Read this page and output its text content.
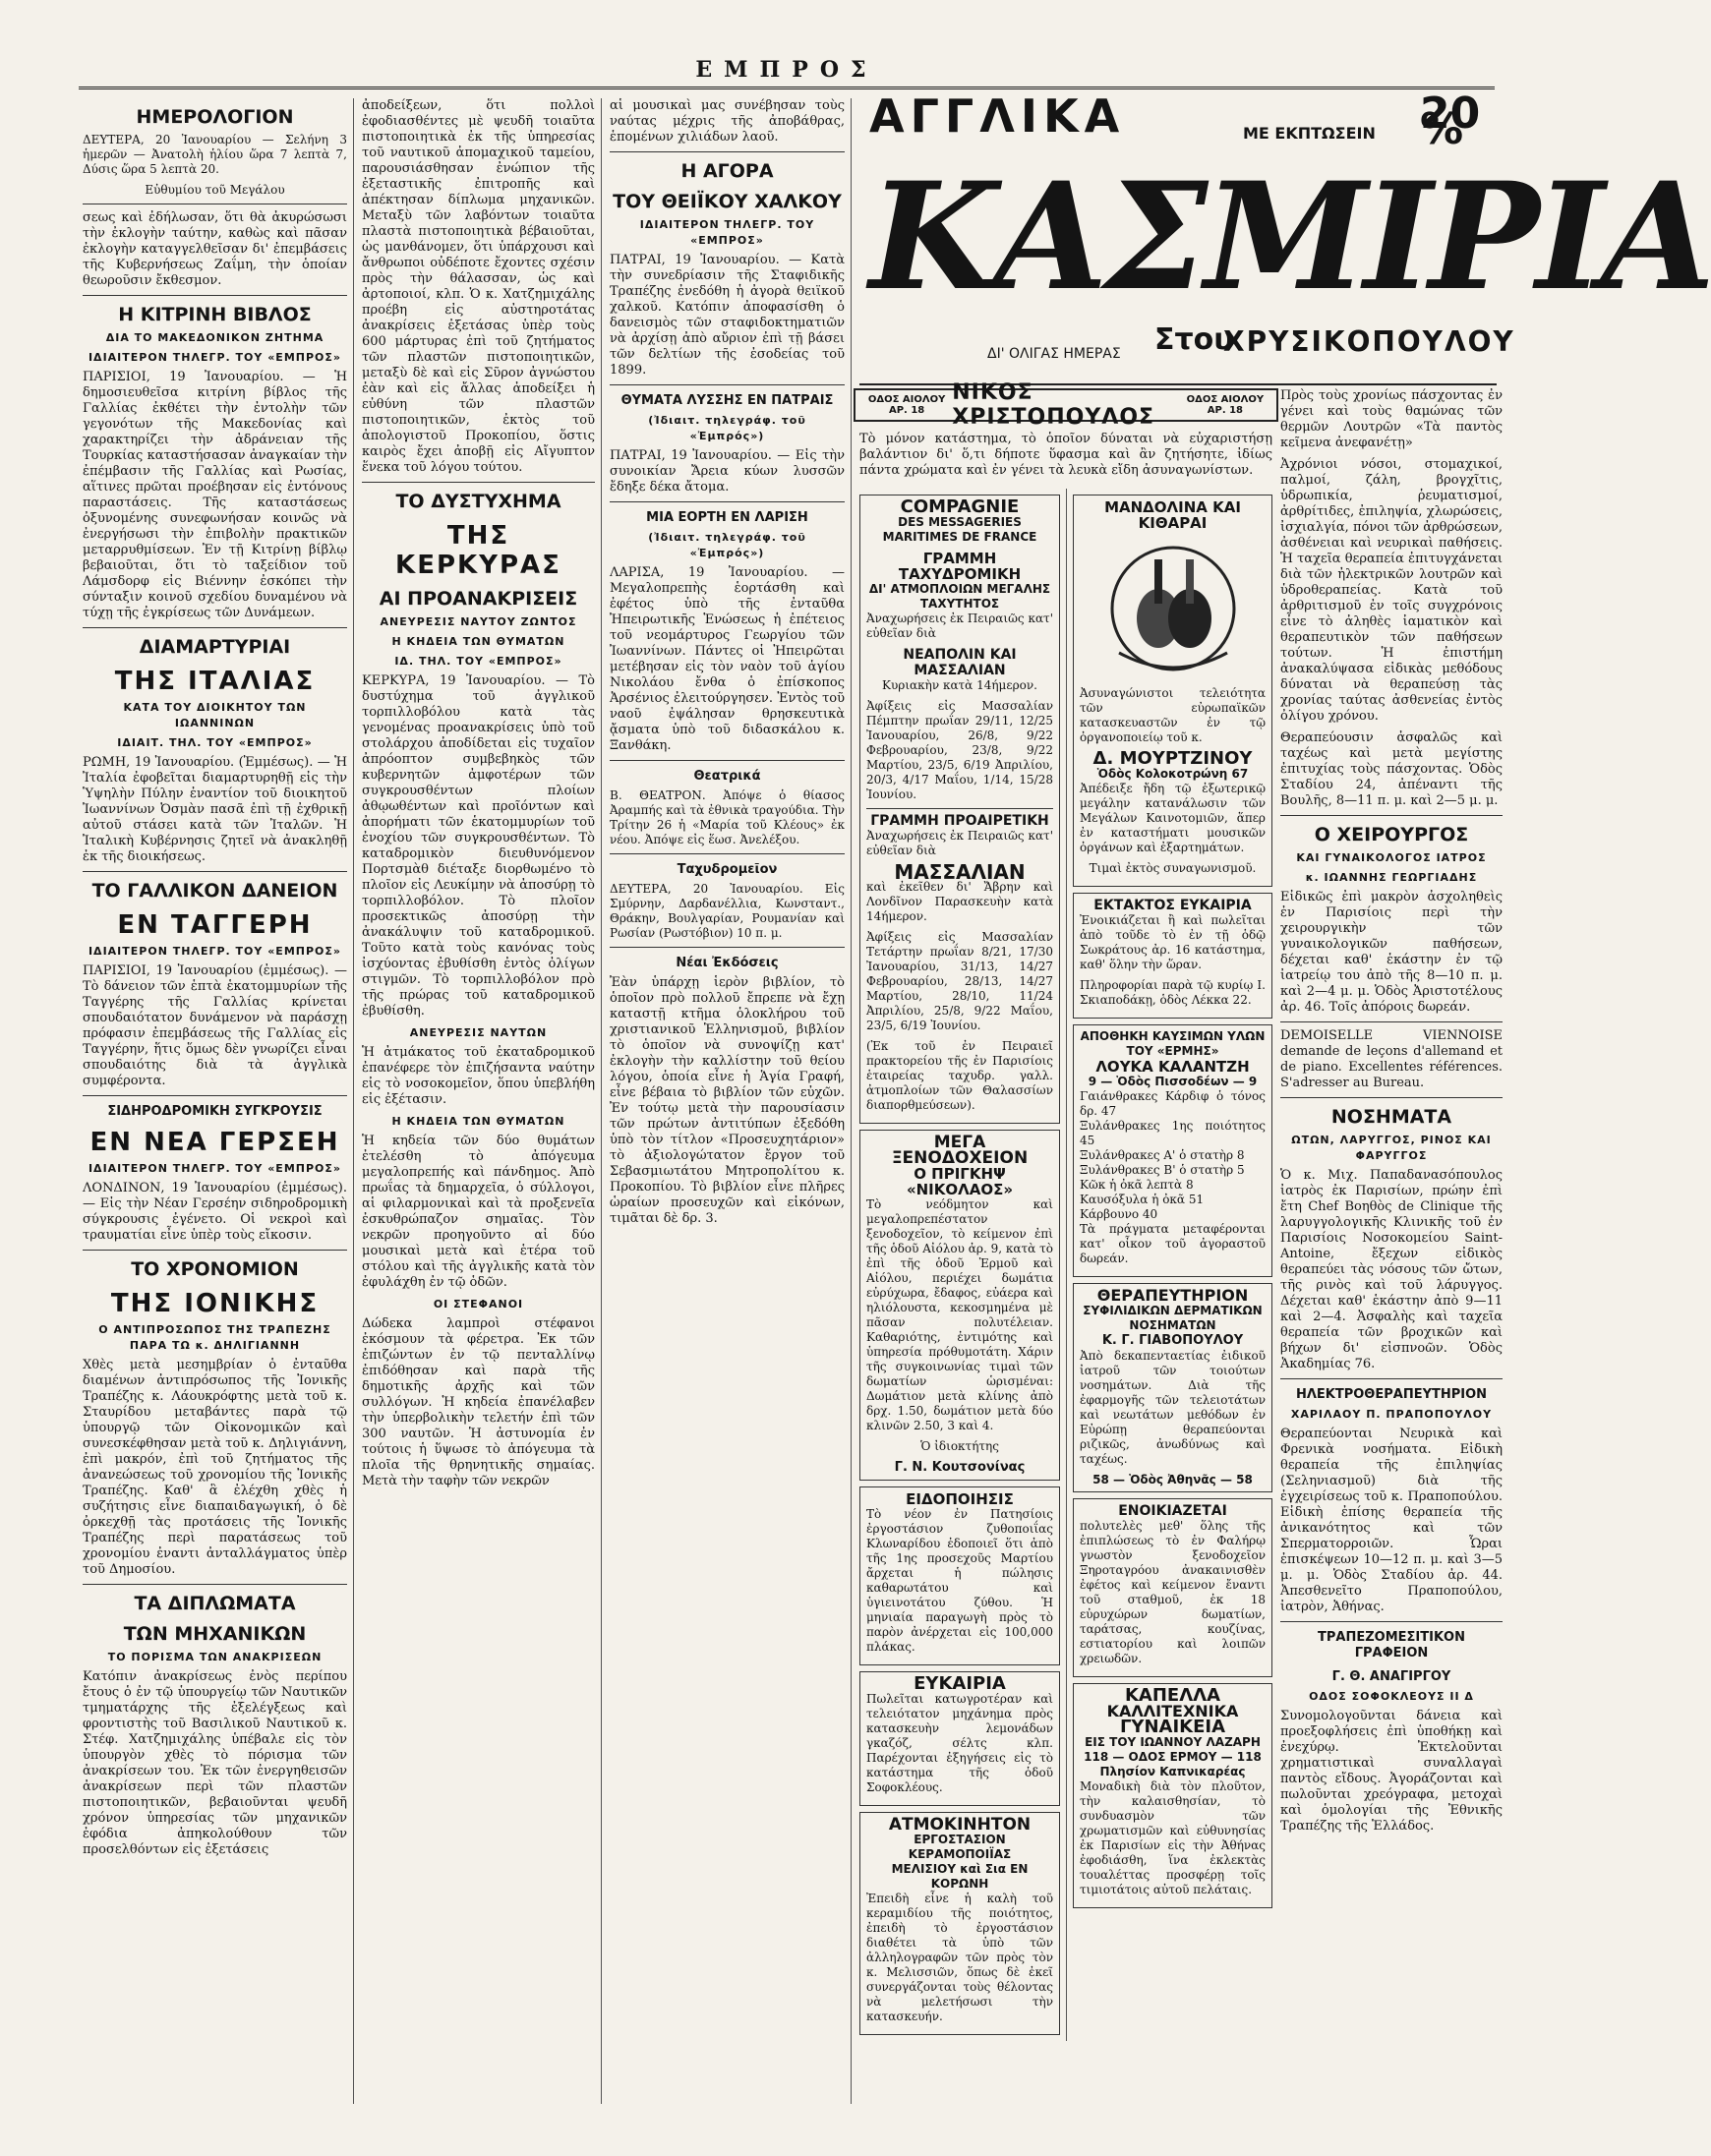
ΕΜΠΡΟΣ
ΗΜΕΡΟΛΟΓΙΟΝ

ΔΕΥΤΕΡΑ, 20 Ἰανουαρίου — Σελήνη 3 ἡμερῶν — Ἀνατολὴ ἡλίου ὥρα 7 λεπτὰ 7, Δύσις ὥρα 5 λεπτὰ 20.

Εὐθυμίου τοῦ Μεγάλου

σεως καὶ ἐδήλωσαν, ὅτι θὰ ἀκυρώσωσι τὴν ἐκλογὴν ταύτην, καθὼς καὶ πᾶσαν ἐκλογὴν καταγγελθεῖσαν δι' ἐπεμβάσεις τῆς Κυβερνήσεως Ζαΐμη, τὴν ὁποίαν θεωροῦσιν ἔκθεσμον.

Η ΚΙΤΡΙΝΗ ΒΙΒΛΟΣ
ΔΙΑ ΤΟ ΜΑΚΕΔΟΝΙΚΟΝ ΖΗΤΗΜΑ
ΙΔΙΑΙΤΕΡΟΝ ΤΗΛΕΓΡ. ΤΟΥ «ΕΜΠΡΟΣ»

ΠΑΡΙΣΙΟΙ, 19 Ἰανουαρίου. — Ἡ δημοσιευθεῖσα κιτρίνη βίβλος τῆς Γαλλίας ἐκθέτει τὴν ἐντολὴν τῶν γεγονότων τῆς Μακεδονίας καὶ χαρακτηρίζει τὴν ἀδράνειαν τῆς Τουρκίας καταστήσασαν ἀναγκαίαν τὴν ἐπέμβασιν τῆς Γαλλίας καὶ Ρωσίας, αἵτινες πρῶται προέβησαν εἰς ἐντόνους παραστάσεις. Τῆς καταστάσεως ὀξυνομένης συνεφωνήσαν κοινῶς νὰ ἐνεργήσωσι τὴν ἐπιβολὴν πρακτικῶν μεταρρυθμίσεων. Ἐν τῇ Κιτρίνῃ βίβλῳ βεβαιοῦται, ὅτι τὸ ταξείδιον τοῦ Λάμσδορφ εἰς Βιέννην ἐσκόπει τὴν σύνταξιν κοινοῦ σχεδίου δυναμένου νὰ τύχῃ τῆς ἐγκρίσεως τῶν Δυνάμεων.

ΔΙΑΜΑΡΤΥΡΙΑΙ
ΤΗΣ ΙΤΑΛΙΑΣ
ΚΑΤΑ ΤΟΥ ΔΙΟΙΚΗΤΟΥ ΤΩΝ ΙΩΑΝΝΙΝΩΝ
ΙΔΙΑΙΤ. ΤΗΛ. ΤΟΥ «ΕΜΠΡΟΣ»

ΡΩΜΗ, 19 Ἰανουαρίου. (Ἐμμέσως). — Ἡ Ἰταλία ἐφοβεῖται διαμαρτυρηθῇ εἰς τὴν Ὑψηλὴν Πύλην ἐναντίον τοῦ διοικητοῦ Ἰωαννίνων Ὀσμὰν πασᾶ ἐπὶ τῇ ἐχθρικῇ αὐτοῦ στάσει κατὰ τῶν Ἰταλῶν. Ἡ Ἰταλικὴ Κυβέρνησις ζητεῖ νὰ ἀνακληθῇ ἐκ τῆς διοικήσεως.

ΤΟ ΓΑΛΛΙΚΟΝ ΔΑΝΕΙΟΝ
ΕΝ ΤΑΓΓΕΡΗ
ΙΔΙΑΙΤΕΡΟΝ ΤΗΛΕΓΡ. ΤΟΥ «ΕΜΠΡΟΣ»

ΠΑΡΙΣΙΟΙ, 19 Ἰανουαρίου (ἐμμέσως). — Τὸ δάνειον τῶν ἑπτὰ ἑκατομμυρίων τῆς Ταγγέρης τῆς Γαλλίας κρίνεται σπουδαιότατον δυνάμενον νὰ παράσχῃ πρόφασιν ἐπεμβάσεως τῆς Γαλλίας εἰς Ταγγέρην, ἥτις ὅμως δὲν γνωρίζει εἶναι σπουδαιότης διὰ τὰ ἀγγλικὰ συμφέροντα.

ΣΙΔΗΡΟΔΡΟΜΙΚΗ ΣΥΓΚΡΟΥΣΙΣ
ΕΝ ΝΕΑ ΓΕΡΣΕΗ
ΙΔΙΑΙΤΕΡΟΝ ΤΗΛΕΓΡ. ΤΟΥ «ΕΜΠΡΟΣ»

ΛΟΝΔΙΝΟΝ, 19 Ἰανουαρίου (ἐμμέσως). — Εἰς τὴν Νέαν Γερσέην σιδηροδρομικὴ σύγκρουσις ἐγένετο. Οἱ νεκροὶ καὶ τραυματίαι εἶνε ὑπὲρ τοὺς εἴκοσιν.

ΤΟ ΧΡΟΝΟΜΙΟΝ
ΤΗΣ ΙΟΝΙΚΗΣ
Ο ΑΝΤΙΠΡΟΣΩΠΟΣ ΤΗΣ ΤΡΑΠΕΖΗΣ ΠΑΡΑ ΤΩ κ. ΔΗΛΙΓΙΑΝΝΗ

Χθὲς μετὰ μεσημβρίαν ὁ ἐνταῦθα διαμένων ἀντιπρόσωπος τῆς Ἰονικῆς Τραπέζης κ. Λάουκρόφτης μετὰ τοῦ κ. Σταυρίδου μεταβάντες παρὰ τῷ ὑπουργῷ τῶν Οἰκονομικῶν καὶ συνεσκέφθησαν μετὰ τοῦ κ. Δηλιγιάννη, ἐπὶ μακρόν, ἐπὶ τοῦ ζητήματος τῆς ἀνανεώσεως τοῦ χρονομίου τῆς Ἰονικῆς Τραπέζης. Καθ' ἃ ἐλέχθη χθὲς ἡ συζήτησις εἶνε διαπαιδαγωγική, ὁ δὲ ὀρκεχθῇ τὰς προτάσεις τῆς Ἰονικῆς Τραπέζης περὶ παρατάσεως τοῦ χρονομίου ἐναντι ἀνταλλάγματος ὑπὲρ τοῦ Δημοσίου.

ΤΑ ΔΙΠΛΩΜΑΤΑ
ΤΩΝ ΜΗΧΑΝΙΚΩΝ
ΤΟ ΠΟΡΙΣΜΑ ΤΩΝ ΑΝΑΚΡΙΣΕΩΝ

Κατόπιν ἀνακρίσεως ἐνὸς περίπου ἔτους ὁ ἐν τῷ ὑπουργείῳ τῶν Ναυτικῶν τμηματάρχης τῆς ἐξελέγξεως καὶ φροντιστὴς τοῦ Βασιλικοῦ Ναυτικοῦ κ. Στέφ. Χατζημιχάλης ὑπέβαλε εἰς τὸν ὑπουργὸν χθὲς τὸ πόρισμα τῶν ἀνακρίσεων του. Ἐκ τῶν ἐνεργηθεισῶν ἀνακρίσεων περὶ τῶν πλαστῶν πιστοποιητικῶν, βεβαιοῦνται ψευδῆ χρόνον ὑπηρεσίας τῶν μηχανικῶν ἐφόδια ἀπηκολούθουν τῶν προσελθόντων εἰς ἐξετάσεις

ἀποδείξεων, ὅτι πολλοὶ ἐφοδιασθέντες μὲ ψευδῆ τοιαῦτα πιστοποιητικὰ ἐκ τῆς ὑπηρεσίας τοῦ ναυτικοῦ ἀπομαχικοῦ ταμείου, παρουσιάσθησαν ἐνώπιον τῆς ἐξεταστικῆς ἐπιτροπῆς καὶ ἀπέκτησαν δίπλωμα μηχανικῶν. Μεταξὺ τῶν λαβόντων τοιαῦτα πλαστὰ πιστοποιητικὰ βέβαιοῦται, ὡς μανθάνομεν, ὅτι ὑπάρχουσι καὶ ἄνθρωποι οὐδέποτε ἔχοντες σχέσιν πρὸς τὴν θάλασσαν, ὡς καὶ ἀρτοποιοί, κλπ. Ὁ κ. Χατζημιχάλης προέβη εἰς αὐστηροτάτας ἀνακρίσεις ἐξετάσας ὑπὲρ τοὺς 600 μάρτυρας ἐπὶ τοῦ ζητήματος τῶν πλαστῶν πιστοποιητικῶν, μεταξὺ δὲ καὶ εἰς Σῦρον ἀγνώστου ἐὰν καὶ εἰς ἄλλας ἀποδείξει ἡ εὐθύνη τῶν πλαστῶν πιστοποιητικῶν, ἐκτὸς τοῦ ἀπολογιστοῦ Προκοπίου, ὅστις καιρὸς ἔχει ἀποβῇ εἰς Αἴγυπτον ἕνεκα τοῦ λόγου τούτου.

ΤΟ ΔΥΣΤΥΧΗΜΑ
ΤΗΣ ΚΕΡΚΥΡΑΣ
ΑΙ ΠΡΟΑΝΑΚΡΙΣΕΙΣ
ΑΝΕΥΡΕΣΙΣ ΝΑΥΤΟΥ ΖΩΝΤΟΣ
Η ΚΗΔΕΙΑ ΤΩΝ ΘΥΜΑΤΩΝ
ΙΔ. ΤΗΛ. ΤΟΥ «ΕΜΠΡΟΣ»

ΚΕΡΚΥΡΑ, 19 Ἰανουαρίου. — Τὸ δυστύχημα τοῦ ἀγγλικοῦ τορπιλλοβόλου κατὰ τὰς γενομένας προανακρίσεις ὑπὸ τοῦ στολάρχου ἀποδίδεται εἰς τυχαῖον ἀπρόοπτον συμβεβηκὸς τῶν κυβερνητῶν ἀμφοτέρων τῶν συγκρουσθέντων πλοίων ἀθῳωθέντων καὶ προῖόντων καὶ ἀπορήματι τῶν ἑκατομμυρίων τοῦ ἐνοχίου τῶν συγκρουσθέντων. Τὸ καταδρομικὸν διευθυνόμενον Πορτσμὰθ διέταξε διορθωμένο τὸ πλοῖον εἰς Λευκίμην νὰ ἀποσύρῃ τὸ τορπιλλοβόλον. Τὸ πλοῖον προσεκτικῶς ἀποσύρῃ τὴν ἀνακάλυψιν τοῦ καταδρομικοῦ. Τοῦτο κατὰ τοὺς κανόνας τοὺς ἰσχύοντας ἐβυθίσθη ἐντὸς ὀλίγων στιγμῶν. Τὸ τορπιλλοβόλον πρὸ τῆς πρώρας τοῦ καταδρομικοῦ ἐβυθίσθη.

ΑΝΕΥΡΕΣΙΣ ΝΑΥΤΩΝ

Ἡ ἀτμάκατος τοῦ ἐκαταδρομικοῦ ἐπανέφερε τὸν ἐπιζήσαντα ναύτην εἰς τὸ νοσοκομεῖον, ὅπου ὑπεβλήθη εἰς ἐξέτασιν.

Η ΚΗΔΕΙΑ ΤΩΝ ΘΥΜΑΤΩΝ

Ἡ κηδεία τῶν δύο θυμάτων ἐτελέσθη τὸ ἀπόγευμα μεγαλοπρεπής καὶ πάνδημος. Ἀπὸ πρωΐας τὰ δημαρχεῖα, ὁ σύλλογοι, αἱ φιλαρμονικαὶ καὶ τὰ προξενεῖα ἐσκυθρώπαζον σημαῖας. Τὸν νεκρῶν προηγοῦντο αἱ δύο μουσικαὶ μετὰ καὶ ἑτέρα τοῦ στόλου καὶ τῆς ἀγγλικῆς κατὰ τὸν ἐφυλάχθη ἐν τῷ ὁδῶν.

ΟΙ ΣΤΕΦΑΝΟΙ

Δώδεκα λαμπροὶ στέφανοι ἐκόσμουν τὰ φέρετρα. Ἐκ τῶν ἐπιζώντων ἐν τῷ πενταλλίνῳ ἐπιδόθησαν καὶ παρὰ τῆς δημοτικῆς ἀρχῆς καὶ τῶν συλλόγων. Ἡ κηδεία ἐπανέλαβεν τὴν ὑπερβολικὴν τελετήν ἐπὶ τῶν 300 ναυτῶν. Ἡ ἀστυνομία ἐν τούτοις ἡ ὕψωσε τὸ ἀπόγευμα τὰ πλοῖα τῆς θρηνητικῆς σημαίας. Μετὰ τὴν ταφὴν τῶν νεκρῶν

αἱ μουσικαὶ μας συνέβησαν τοὺς ναύτας μέχρις τῆς ἀποβάθρας, ἑπομένων χιλιάδων λαοῦ.

Η ΑΓΟΡΑ
ΤΟΥ ΘΕΙΪΚΟΥ ΧΑΛΚΟΥ
ΙΔΙΑΙΤΕΡΟΝ ΤΗΛΕΓΡ. ΤΟΥ «ΕΜΠΡΟΣ»

ΠΑΤΡΑΙ, 19 Ἰανουαρίου. — Κατὰ τὴν συνεδρίασιν τῆς Σταφιδικῆς Τραπέζης ἐνεδόθη ἡ ἀγορὰ θειϊκοῦ χαλκοῦ. Κατόπιν ἀποφασίσθη ὁ δανεισμὸς τῶν σταφιδοκτηματιῶν νὰ ἀρχίσῃ ἀπὸ αὔριον ἐπὶ τῇ βάσει τῶν δελτίων τῆς ἐσοδείας τοῦ 1899.

ΘΥΜΑΤΑ ΛΥΣΣΗΣ ΕΝ ΠΑΤΡΑΙΣ
(Ἰδιαιτ. τηλεγράφ. τοῦ «Ἐμπρός»)

ΠΑΤΡΑΙ, 19 Ἰανουαρίου. — Εἰς τὴν συνοικίαν Ἄρεια κύων λυσσῶν ἔδηξε δέκα ἄτομα.

ΜΙΑ ΕΟΡΤΗ ΕΝ ΛΑΡΙΣΗ
(Ἰδιαιτ. τηλεγράφ. τοῦ «Ἐμπρός»)

ΛΑΡΙΣΑ, 19 Ἰανουαρίου. — Μεγαλοπρεπὴς ἑορτάσθη καὶ ἐφέτος ὑπὸ τῆς ἐνταῦθα Ἠπειρωτικῆς Ἑνώσεως ἡ ἐπέτειος τοῦ νεομάρτυρος Γεωργίου τῶν Ἰωαννίνων. Πάντες οἱ Ἠπειρῶται μετέβησαν εἰς τὸν ναὸν τοῦ ἁγίου Νικολάου ἔνθα ὁ ἐπίσκοπος Ἀρσένιος ἐλειτούργησεν. Ἐντὸς τοῦ ναοῦ ἐψάλησαν θρησκευτικὰ ᾄσματα ὑπὸ τοῦ διδασκάλου κ. Ξανθάκη.

Θεατρικά

Β. ΘΕΑΤΡΟΝ. Ἀπόψε ὁ θίασος Ἀραμπής καὶ τὰ ἐθνικὰ τραγούδια. Τὴν Τρίτην 26 ἡ «Μαρία τοῦ Κλέους» ἐκ νέου. Ἀπόψε εἰς ἕωσ. Ἀνελέξου.

Ταχυδρομεῖον

ΔΕΥΤΕΡΑ, 20 Ἰανουαρίου. Εἰς Σμύρνην, Δαρδανέλλια, Κωνσταντ., Θράκην, Βουλγαρίαν, Ρουμανίαν καὶ Ρωσίαν (Ρωστόβιον) 10 π. μ.

Νέαι Ἐκδόσεις

Ἐὰν ὑπάρχῃ ἱερὸν βιβλίον, τὸ ὁποῖον πρὸ πολλοῦ ἔπρεπε νὰ ἔχῃ καταστῇ κτῆμα ὁλοκλήρου τοῦ χριστιανικοῦ Ἑλληνισμοῦ, βιβλίον τὸ ὁποῖον νὰ συνοψίζῃ κατ' ἐκλογὴν τὴν καλλίστην τοῦ θείου λόγου, ὁποία εἶνε ἡ Ἁγία Γραφή, εἶνε βέβαια τὸ βιβλίον τῶν εὐχῶν. Ἐν τούτῳ μετὰ τὴν παρουσίασιν τῶν πρώτων ἀντιτύπων ἐξεδόθη ὑπὸ τὸν τίτλον «Προσευχητάριον» τὸ ἀξιολογώτατον ἔργον τοῦ Σεβασμιωτάτου Μητροπολίτου κ. Προκοπίου. Τὸ βιβλίον εἶνε πλῆρες ὡραίων προσευχῶν καὶ εἰκόνων, τιμᾶται δὲ δρ. 3.

ΑΓΓΛΙΚΑ	ΜΕ ΕΚΠΤΩΣΕΙΝ 20 %
ΚΑΣΜΙΡΙΑ
ΔΙ' ΟΛΙΓΑΣ ΗΜΕΡΑΣ Στου
ΧΡΥΣΙΚΟΠΟΥΛΟΥ
ΟΔΟΣ ΑΙΟΛΟΥ ΑΡ. 18
ΝΙΚΟΣ ΧΡΙΣΤΟΠΟΥΛΟΣ
ΟΔΟΣ ΑΙΟΛΟΥ ΑΡ. 18

Τὸ μόνον κατάστημα, τὸ ὁποῖον δύναται νὰ εὐχαριστήσῃ βαλάντιον δι' ὅ,τι δήποτε ὕφασμα καὶ ἂν ζητήσητε, ἰδίως πάντα χρώματα καὶ ἐν γένει τὰ λευκὰ εἴδη ἀσυναγωνίστων.

COMPAGNIE
DES MESSAGERIES MARITIMES DE FRANCE
ΓΡΑΜΜΗ ΤΑΧΥΔΡΟΜΙΚΗ
ΔΙ' ΑΤΜΟΠΛΟΙΩΝ ΜΕΓΑΛΗΣ ΤΑΧΥΤΗΤΟΣ

Ἀναχωρήσεις ἐκ Πειραιῶς κατ' εὐθεῖαν διὰ

ΝΕΑΠΟΛΙΝ ΚΑΙ ΜΑΣΣΑΛΙΑΝ

Κυριακὴν κατὰ 14ήμερον.

Ἀφίξεις εἰς Μασσαλίαν Πέμπτην πρωΐαν 29/11, 12/25 Ἰανουαρίου, 26/8, 9/22 Φεβρουαρίου, 23/8, 9/22 Μαρτίου, 23/5, 6/19 Ἀπριλίου, 20/3, 4/17 Μαΐου, 1/14, 15/28 Ἰουνίου.

ΓΡΑΜΜΗ ΠΡΟΑΙΡΕΤΙΚΗ

Ἀναχωρήσεις ἐκ Πειραιῶς κατ' εὐθεῖαν διὰ

ΜΑΣΣΑΛΙΑΝ

καὶ ἐκεῖθεν δι' Ἄβρην καὶ Λονδῖνον Παρασκευὴν κατὰ 14ήμερον.

Ἀφίξεις εἰς Μασσαλίαν Τετάρτην πρωΐαν 8/21, 17/30 Ἰανουαρίου, 31/13, 14/27 Φεβρουαρίου, 28/13, 14/27 Μαρτίου, 28/10, 11/24 Ἀπριλίου, 25/8, 9/22 Μαΐου, 23/5, 6/19 Ἰουνίου.

(Ἐκ τοῦ ἐν Πειραιεῖ πρακτορείου τῆς ἐν Παρισίοις ἑταιρείας ταχυδρ. γαλλ. ἀτμοπλοίων τῶν Θαλασσίων διαπορθμεύσεων).

ΜΕΓΑ ΞΕΝΟΔΟΧΕΙΟΝ
Ο ΠΡΙΓΚΗΨ «ΝΙΚΟΛΑΟΣ»

Τὸ νεόδμητον καὶ μεγαλοπρεπέστατον ξενοδοχεῖον, τὸ κείμενον ἐπὶ τῆς ὁδοῦ Αἰόλου ἀρ. 9, κατὰ τὸ ἐπὶ τῆς ὁδοῦ Ἑρμοῦ καὶ Αἰόλου, περιέχει δωμάτια εὐρύχωρα, ἔδαφος, εὐάερα καὶ ηλιόλουστα, κεκοσμημένα μὲ πᾶσαν πολυτέλειαν. Καθαριότης, ἐντιμότης καὶ ὑπηρεσία πρόθυμοτάτη. Χάριν τῆς συγκοινωνίας τιμαὶ τῶν δωματίων ὡρισμέναι: Δωμάτιον μετὰ κλίνης ἀπὸ δρχ. 1.50, δωμάτιον μετὰ δύο κλινῶν 2.50, 3 καὶ 4.

Ὁ ἰδιοκτήτης

Γ. Ν. Κουτσονίνας
ΕΙΔΟΠΟΙΗΣΙΣ

Τὸ νέον ἐν Πατησίοις ἐργοστάσιον ζυθοποιΐας Κλωναρίδου ἐδοποιεῖ ὅτι ἀπὸ τῆς 1ης προσεχοῦς Μαρτίου ἄρχεται ἡ πώλησις καθαρωτάτου καὶ ὑγιεινοτάτου ζύθου. Ἡ μηνιαία παραγωγὴ πρὸς τὸ παρὸν ἀνέρχεται εἰς 100,000 πλάκας.

ΕΥΚΑΙΡΙΑ

Πωλεῖται κατωγροτέραν καὶ τελειότατον μηχάνημα πρὸς κατασκευὴν λεμονάδων γκαζόζ, σέλτς κλπ. Παρέχονται ἐξηγήσεις εἰς τὸ κατάστημα τῆς ὁδοῦ Σοφοκλέους.

ΑΤΜΟΚΙΝΗΤΟΝ
ΕΡΓΟΣΤΑΣΙΟΝ ΚΕΡΑΜΟΠΟΙΪΑΣ
ΜΕΛΙΣΙΟΥ καὶ Σια ΕΝ ΚΟΡΩΝΗ

Ἐπειδὴ εἶνε ἡ καλὴ τοῦ κεραμιδίου τῆς ποιότητος, ἐπειδὴ τὸ ἐργοστάσιον διαθέτει τὰ ὑπὸ τῶν ἀλληλογραφῶν τῶν πρὸς τὸν κ. Μελισσιῶν, ὅπως δὲ ἐκεῖ συνεργάζονται τοὺς θέλοντας νὰ μελετήσωσι τὴν κατασκευήν.

ΜΑΝΔΟΛΙΝΑ ΚΑΙ ΚΙΘΑΡΑΙ

Ἀσυναγώνιστοι τελειότητα τῶν εὐρωπαϊκῶν κατασκευαστῶν ἐν τῷ ὀργανοποιείῳ τοῦ κ.

Δ. ΜΟΥΡΤΖΙΝΟΥ
Ὁδὸς Κολοκοτρώνη 67

Ἀπέδειξε ἤδη τῷ ἐξωτερικῷ μεγάλην κατανάλωσιν τῶν Μεγάλων Καινοτομιῶν, ἅπερ ἐν καταστήματι μουσικῶν ὀργάνων καὶ ἐξαρτημάτων.

Τιμαὶ ἐκτὸς συναγωνισμοῦ.

ΕΚΤΑΚΤΟΣ ΕΥΚΑΙΡΙΑ

Ἐνοικιάζεται ἢ καὶ πωλεῖται ἀπὸ τοῦδε τὸ ἐν τῇ ὁδῷ Σωκράτους ἀρ. 16 κατάστημα, καθ' ὅλην τὴν ὥραν.

Πληροφορίαι παρὰ τῷ κυρίῳ Ι. Σκιαποδάκῃ, ὁδὸς Λέκκα 22.

ΑΠΟΘΗΚΗ ΚΑΥΣΙΜΩΝ ΥΛΩΝ
ΤΟΥ «ΕΡΜΗΣ»
ΛΟΥΚΑ ΚΑΛΑΝΤΖΗ
9 — Ὁδὸς Πισσοδέων — 9
Γαιάνθρακες Κάρδιφ ὁ τόνος δρ. 47
Ξυλάνθρακες 1ης ποιότητος 45
Ξυλάνθρακες Α' ὁ στατὴρ 8
Ξυλάνθρακες Β' ὁ στατὴρ 5
Κῶκ ἡ ὀκᾶ λεπτὰ 8
Καυσόξυλα ἡ ὀκᾶ 51
Κάρβουνο 40

Τὰ πράγματα μεταφέρονται κατ' οἶκον τοῦ ἀγοραστοῦ δωρεάν.

ΘΕΡΑΠΕΥΤΗΡΙΟΝ
ΣΥΦΙΛΙΔΙΚΩΝ ΔΕΡΜΑΤΙΚΩΝ ΝΟΣΗΜΑΤΩΝ
Κ. Γ. ΓΙΑΒΟΠΟΥΛΟΥ

Ἀπὸ δεκαπενταετίας ἐιδικοῦ ἰατροῦ τῶν τοιούτων νοσημάτων. Διὰ τῆς ἐφαρμογῆς τῶν τελειοτάτων καὶ νεωτάτων μεθόδων ἐν Εὐρώπῃ θεραπεύονται ριζικῶς, ἀνωδύνως καὶ ταχέως.

58 — Ὁδὸς Ἀθηνᾶς — 58
ΕΝΟΙΚΙΑΖΕΤΑΙ

πολυτελὲς μεθ' ὅλης τῆς ἐπιπλώσεως τὸ ἐν Φαλήρῳ γνωστὸν ξενοδοχεῖον Ξηροταγρόου ἀνακαινισθὲν ἐφέτος καὶ κείμενον ἔναντι τοῦ σταθμοῦ, ἐκ 18 εὐρυχώρων δωματίων, ταράτσας, κουζίνας, εστιατορίου καὶ λοιπῶν χρειωδῶν.

ΚΑΠΕΛΛΑ
ΚΑΛΛΙΤΕΧΝΙΚΑ
ΓΥΝΑΙΚΕΙΑ
ΕΙΣ ΤΟΥ ΙΩΑΝΝΟΥ ΛΑΖΑΡΗ
118 — ΟΔΟΣ ΕΡΜΟΥ — 118
Πλησίον Καπνικαρέας

Μοναδικὴ διὰ τὸν πλοῦτον, τὴν καλαισθησίαν, τὸ συνδυασμὸν τῶν χρωματισμῶν καὶ εὐθυνησίας ἐκ Παρισίων εἰς τὴν Ἀθήνας ἐφοδιάσθη, ἵνα ἐκλεκτὰς τουαλέττας προσφέρῃ τοῖς τιμιοτάτοις αὐτοῦ πελάταις.

Πρὸς τοὺς χρονίως πάσχοντας ἐν γένει καὶ τοὺς θαμώνας τῶν θερμῶν Λουτρῶν «Τὰ παντὸς κεῖμενα ἀνεφανέτῃ»

Ἀχρόνιοι νόσοι, στομαχικοί, παλμοί, ζάλη, βρογχῖτις, ὑδρωπικία, ῥευματισμοί, ἀρθρίτιδες, ἐπιληψία, χλωρώσεις, ἰσχιαλγία, πόνοι τῶν ἀρθρώσεων, ἀσθένειαι καὶ νευρικαὶ παθήσεις. Ἡ ταχεῖα θεραπεία ἐπιτυγχάνεται διὰ τῶν ἠλεκτρικῶν λουτρῶν καὶ ὑδροθεραπείας. Κατὰ τοῦ ἀρθριτισμοῦ ἐν τοῖς συγχρόνοις εἶνε τὸ ἀληθὲς ἰαματικὸν καὶ θεραπευτικὸν τῶν παθήσεων τούτων. Ἡ ἐπιστήμη ἀνακαλύψασα εἰδικὰς μεθόδους δύναται νὰ θεραπεύσῃ τὰς χρονίας ταύτας ἀσθενείας ἐντὸς ὀλίγου χρόνου.

Θεραπεύουσιν ἀσφαλῶς καὶ ταχέως καὶ μετὰ μεγίστης ἐπιτυχίας τοὺς πάσχοντας. Ὁδὸς Σταδίου 24, ἀπέναντι τῆς Βουλῆς, 8—11 π. μ. καὶ 2—5 μ. μ.

Ο ΧΕΙΡΟΥΡΓΟΣ
ΚΑΙ ΓΥΝΑΙΚΟΛΟΓΟΣ ΙΑΤΡΟΣ
κ. ΙΩΑΝΝΗΣ ΓΕΩΡΓΙΑΔΗΣ

Εἰδικῶς ἐπὶ μακρὸν ἀσχοληθεὶς ἐν Παρισίοις περὶ τὴν χειρουργικὴν τῶν γυναικολογικῶν παθήσεων, δέχεται καθ' ἑκάστην ἐν τῷ ἰατρείῳ του ἀπὸ τῆς 8—10 π. μ. καὶ 2—4 μ. μ. Ὁδὸς Ἀριστοτέλους ἀρ. 46. Τοῖς ἀπόροις δωρεάν.

DEMOISELLE VIENNOISE demande de leçons d'allemand et de piano. Excellentes références. S'adresser au Bureau.

ΝΟΣΗΜΑΤΑ
ΩΤΩΝ, ΛΑΡΥΓΓΟΣ, ΡΙΝΟΣ ΚΑΙ ΦΑΡΥΓΓΟΣ

Ὁ κ. Μιχ. Παπαδανασόπουλος ἰατρὸς ἐκ Παρισίων, πρώην ἐπὶ ἔτη Chef Βοηθὸς de Clinique τῆς λαρυγγολογικῆς Κλινικῆς τοῦ ἐν Παρισίοις Νοσοκομείου Saint-Antoine, ἔξεχων εἰδικὸς θεραπεύει τὰς νόσους τῶν ὤτων, τῆς ρινὸς καὶ τοῦ λάρυγγος. Δέχεται καθ' ἑκάστην ἀπὸ 9—11 καὶ 2—4. Ἀσφαλὴς καὶ ταχεῖα θεραπεία τῶν βροχικῶν καὶ βήχων δι' εἰσπνοῶν. Ὁδὸς Ἀκαδημίας 76.

ΗΛΕΚΤΡΟΘΕΡΑΠΕΥΤΗΡΙΟΝ
ΧΑΡΙΛΑΟΥ Π. ΠΡΑΠΟΠΟΥΛΟΥ

Θεραπεύονται Νευρικὰ καὶ Φρενικὰ νοσήματα. Εἰδικὴ θεραπεία τῆς ἐπιληψίας (Σεληνιασμοῦ) διὰ τῆς ἐγχειρίσεως τοῦ κ. Πραποπούλου. Εἰδικὴ ἐπίσης θεραπεία τῆς ἀνικανότητος καὶ τῶν Σπερματορροιῶν. Ὧραι ἐπισκέψεων 10—12 π. μ. καὶ 3—5 μ. μ. Ὁδὸς Σταδίου ἀρ. 44. Ἀπεσθενεῖτο Πραποπούλου, ἰατρὸν, Ἀθήνας.

ΤΡΑΠΕΖΟΜΕΣΙΤΙΚΟΝ ΓΡΑΦΕΙΟΝ
Γ. Θ. ΑΝΑΓΙΡΓΟΥ
ΟΔΟΣ ΣΟΦΟΚΛΕΟΥΣ ΙΙ Δ

Συνομολογοῦνται δάνεια καὶ προεξοφλήσεις ἐπὶ ὑποθήκῃ καὶ ἐνεχύρῳ. Ἐκτελοῦνται χρηματιστικαὶ συναλλαγαὶ παντὸς εἴδους. Ἀγοράζονται καὶ πωλοῦνται χρεόγραφα, μετοχαὶ καὶ ὁμολογίαι τῆς Ἐθνικῆς Τραπέζης τῆς Ἑλλάδος.
